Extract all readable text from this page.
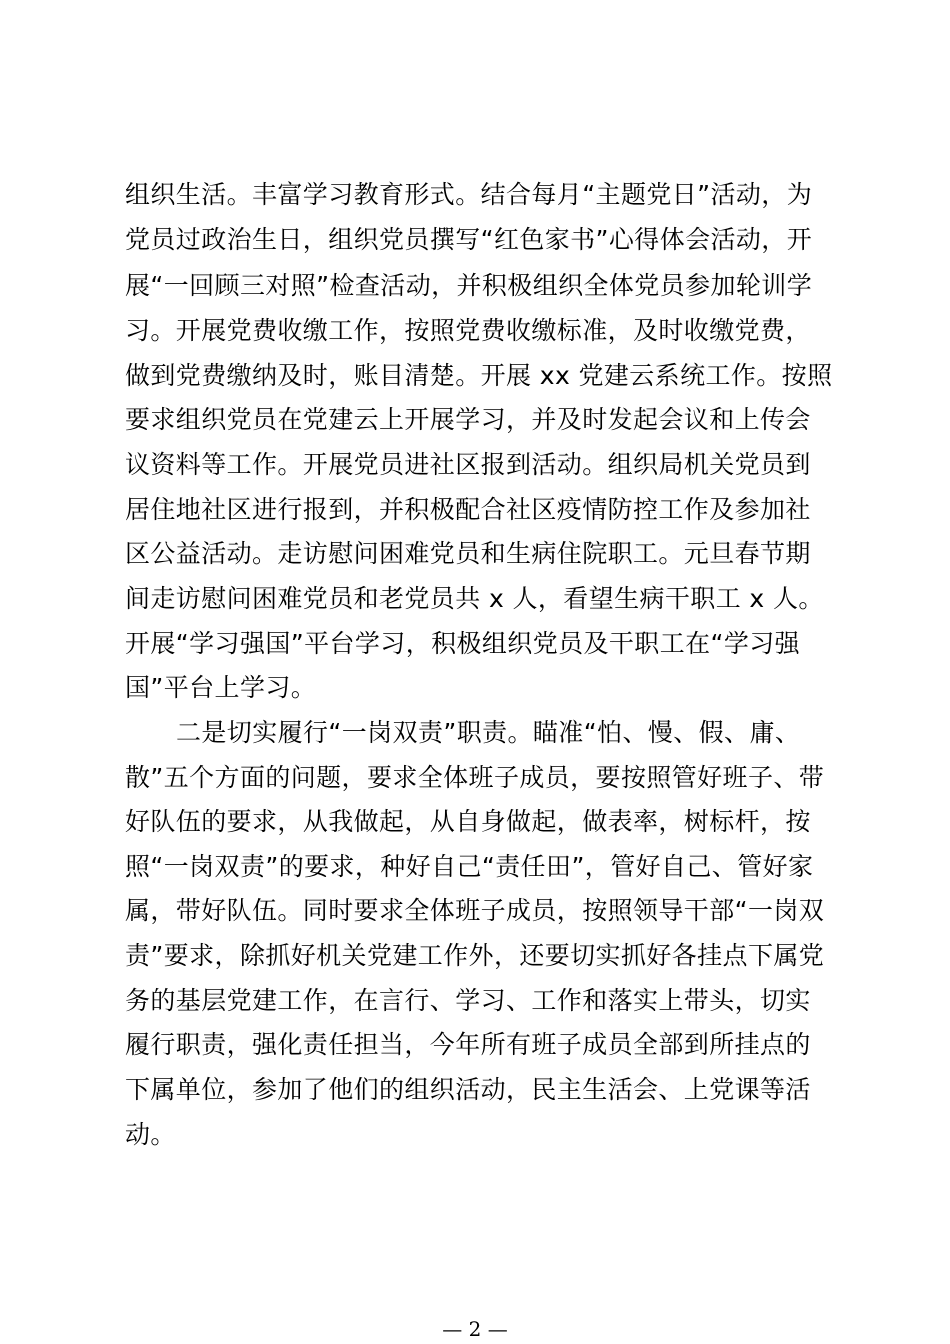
组织生活。丰富学习教育形式。结合每月“主题党日”活动，为
党员过政治生日，组织党员撰写“红色家书”心得体会活动，开
展“一回顾三对照”检查活动，并积极组织全体党员参加轮训学
习。开展党费收缴工作，按照党费收缴标准，及时收缴党费，
做到党费缴纳及时，账目清楚。开展 xx 党建云系统工作。按照
要求组织党员在党建云上开展学习，并及时发起会议和上传会
议资料等工作。开展党员进社区报到活动。组织局机关党员到
居住地社区进行报到，并积极配合社区疫情防控工作及参加社
区公益活动。走访慰问困难党员和生病住院职工。元旦春节期
间走访慰问困难党员和老党员共 x 人，看望生病干职工 x 人。
开展“学习强国”平台学习，积极组织党员及干职工在“学习强
国”平台上学习。
二是切实履行“一岗双责”职责。瞄准“怕、慢、假、庸、
散”五个方面的问题，要求全体班子成员，要按照管好班子、带
好队伍的要求，从我做起，从自身做起，做表率，树标杆，按
照“一岗双责”的要求，种好自己“责任田”，管好自己、管好家
属，带好队伍。同时要求全体班子成员，按照领导干部“一岗双
责”要求，除抓好机关党建工作外，还要切实抓好各挂点下属党
务的基层党建工作，在言行、学习、工作和落实上带头，切实
履行职责，强化责任担当，今年所有班子成员全部到所挂点的
下属单位，参加了他们的组织活动，民主生活会、上党课等活
动。
— 2 —
